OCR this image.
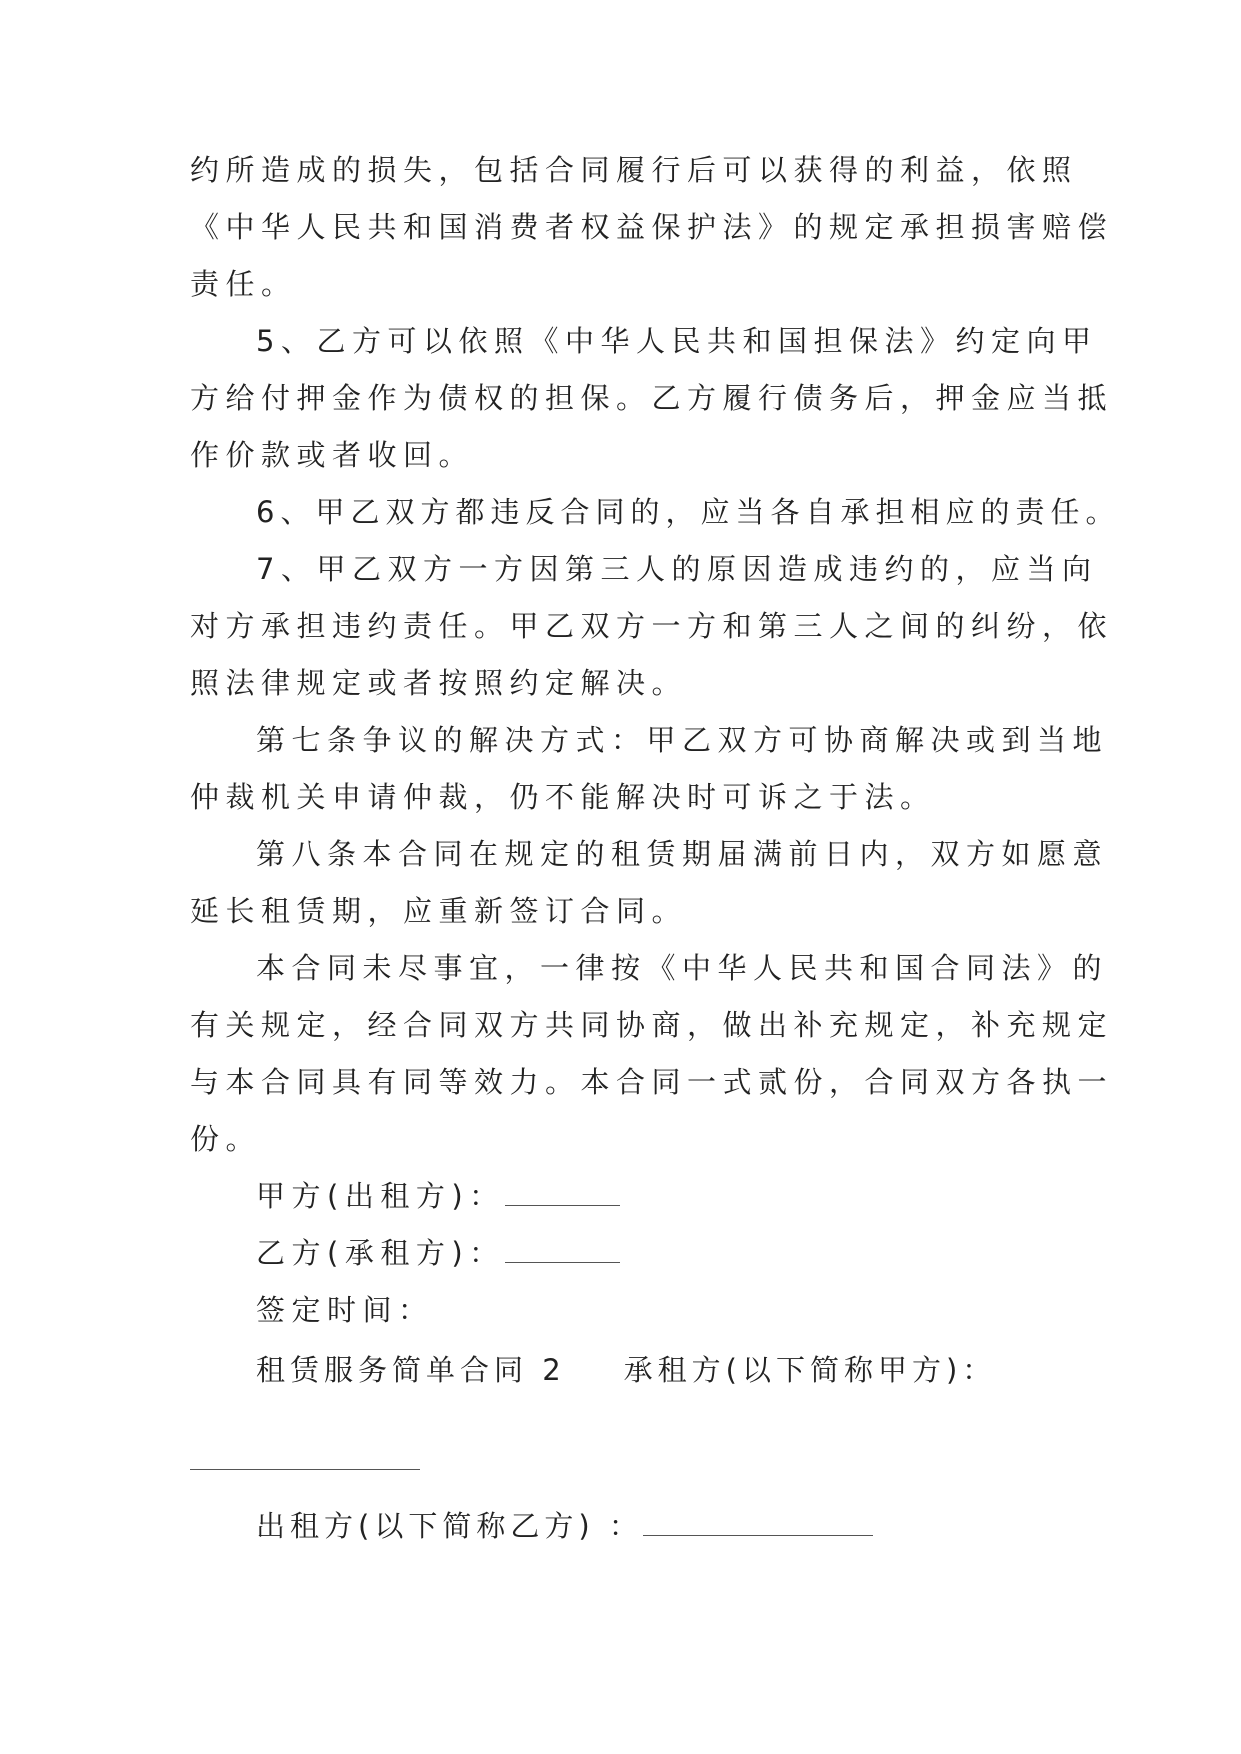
约所造成的损失，包括合同履行后可以获得的利益，依照
《中华人民共和国消费者权益保护法》的规定承担损害赔偿
责任。
5、乙方可以依照《中华人民共和国担保法》约定向甲
方给付押金作为债权的担保。乙方履行债务后，押金应当抵
作价款或者收回。
6、甲乙双方都违反合同的，应当各自承担相应的责任。
7、甲乙双方一方因第三人的原因造成违约的，应当向
对方承担违约责任。甲乙双方一方和第三人之间的纠纷，依
照法律规定或者按照约定解决。
第七条争议的解决方式：甲乙双方可协商解决或到当地
仲裁机关申请仲裁，仍不能解决时可诉之于法。
第八条本合同在规定的租赁期届满前日内，双方如愿意
延长租赁期，应重新签订合同。
本合同未尽事宜，一律按《中华人民共和国合同法》的
有关规定，经合同双方共同协商，做出补充规定，补充规定
与本合同具有同等效力。本合同一式贰份，合同双方各执一
份。
甲方(出租方)：
乙方(承租方)：
签定时间：
租赁服务简单合同 2 承租方(以下简称甲方)：
出租方(以下简称乙方) ：
